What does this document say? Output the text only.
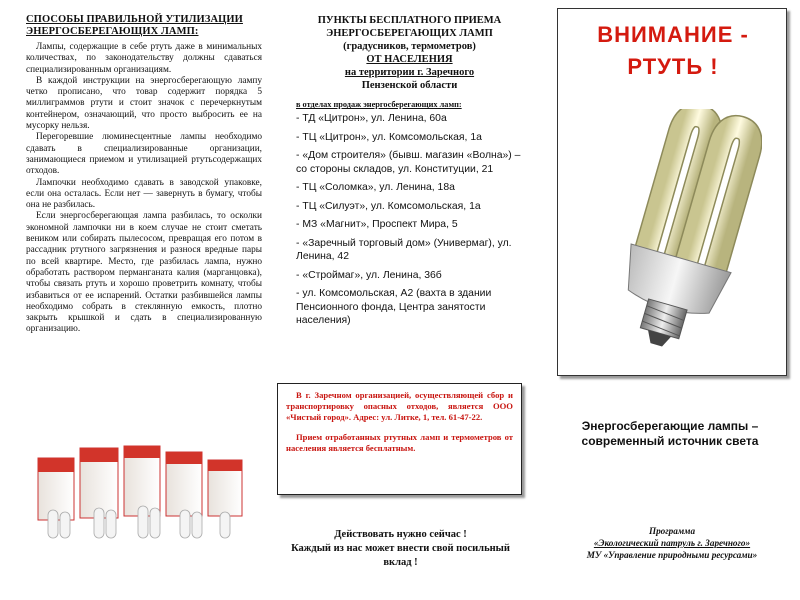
СПОСОБЫ ПРАВИЛЬНОЙ УТИЛИЗАЦИИ ЭНЕРГОСБЕРЕГАЮЩИХ ЛАМП:

Лампы, содержащие в себе ртуть даже в минимальных количествах, по законодательству должны сдаваться специализированным организациям.

В каждой инструкции на энергосберегающую лампу четко прописано, что товар содержит порядка 5 миллиграммов ртути и стоит значок с перечеркнутым контейнером, означающий, что просто выбросить ее на мусорку нельзя.

Перегоревшие люминесцентные лампы необходимо сдавать в специализированные организации, занимающиеся приемом и утилизацией ртутьсодержащих отходов.

Лампочки необходимо сдавать в заводской упаковке, если она осталась. Если нет — завернуть в бумагу, чтобы она не разбилась.

Если энергосберегающая лампа разбилась, то осколки экономной лампочки ни в коем случае не стоит сметать веником или собирать пылесосом, превращая его потом в рассадник ртутного загрязнения и разнося вредные пары по всей квартире. Место, где разбилась лампа, нужно обработать раствором перманганата калия (марганцовка), чтобы связать ртуть и хорошо проветрить комнату, чтобы избавиться от ее испарений. Остатки разбившейся лампы необходимо собрать в стеклянную емкость, плотно закрыть крышкой и сдать в специализированную организацию.

ПУНКТЫ БЕСПЛАТНОГО ПРИЕМА ЭНЕРГОСБЕРЕГАЮЩИХ ЛАМП
(градусников, термометров)
ОТ НАСЕЛЕНИЯ
на территории г. Заречного
Пензенской области
в отделах продаж энергосберегающих ламп:
- ТД «Цитрон», ул. Ленина, 60а
- ТЦ «Цитрон», ул. Комсомольская, 1а
- «Дом строителя» (бывш. магазин «Волна») – со стороны складов, ул. Конституции, 21
- ТЦ «Соломка», ул. Ленина, 18а
- ТЦ «Силуэт», ул. Комсомольская, 1а
- МЗ «Магнит», Проспект Мира, 5
- «Заречный торговый дом» (Универмаг), ул. Ленина, 42
- «Строймаг», ул. Ленина, 36б
- ул. Комсомольская, А2 (вахта в здании Пенсионного фонда, Центра занятости населения)

В г. Заречном организацией, осуществляющей сбор и транспортировку опасных отходов, является ООО «Чистый город». Адрес: ул. Литке, 1, тел. 61-47-22.

Прием отработанных ртутных ламп и термометров от населения является бесплатным.

Действовать нужно сейчас !
Каждый из нас может внести свой посильный вклад !
ВНИМАНИЕ -
РТУТЬ !
Энергосберегающие лампы – современный источник света
Программа
«Экологический патруль г. Заречного»
МУ «Управление природными ресурсами»
